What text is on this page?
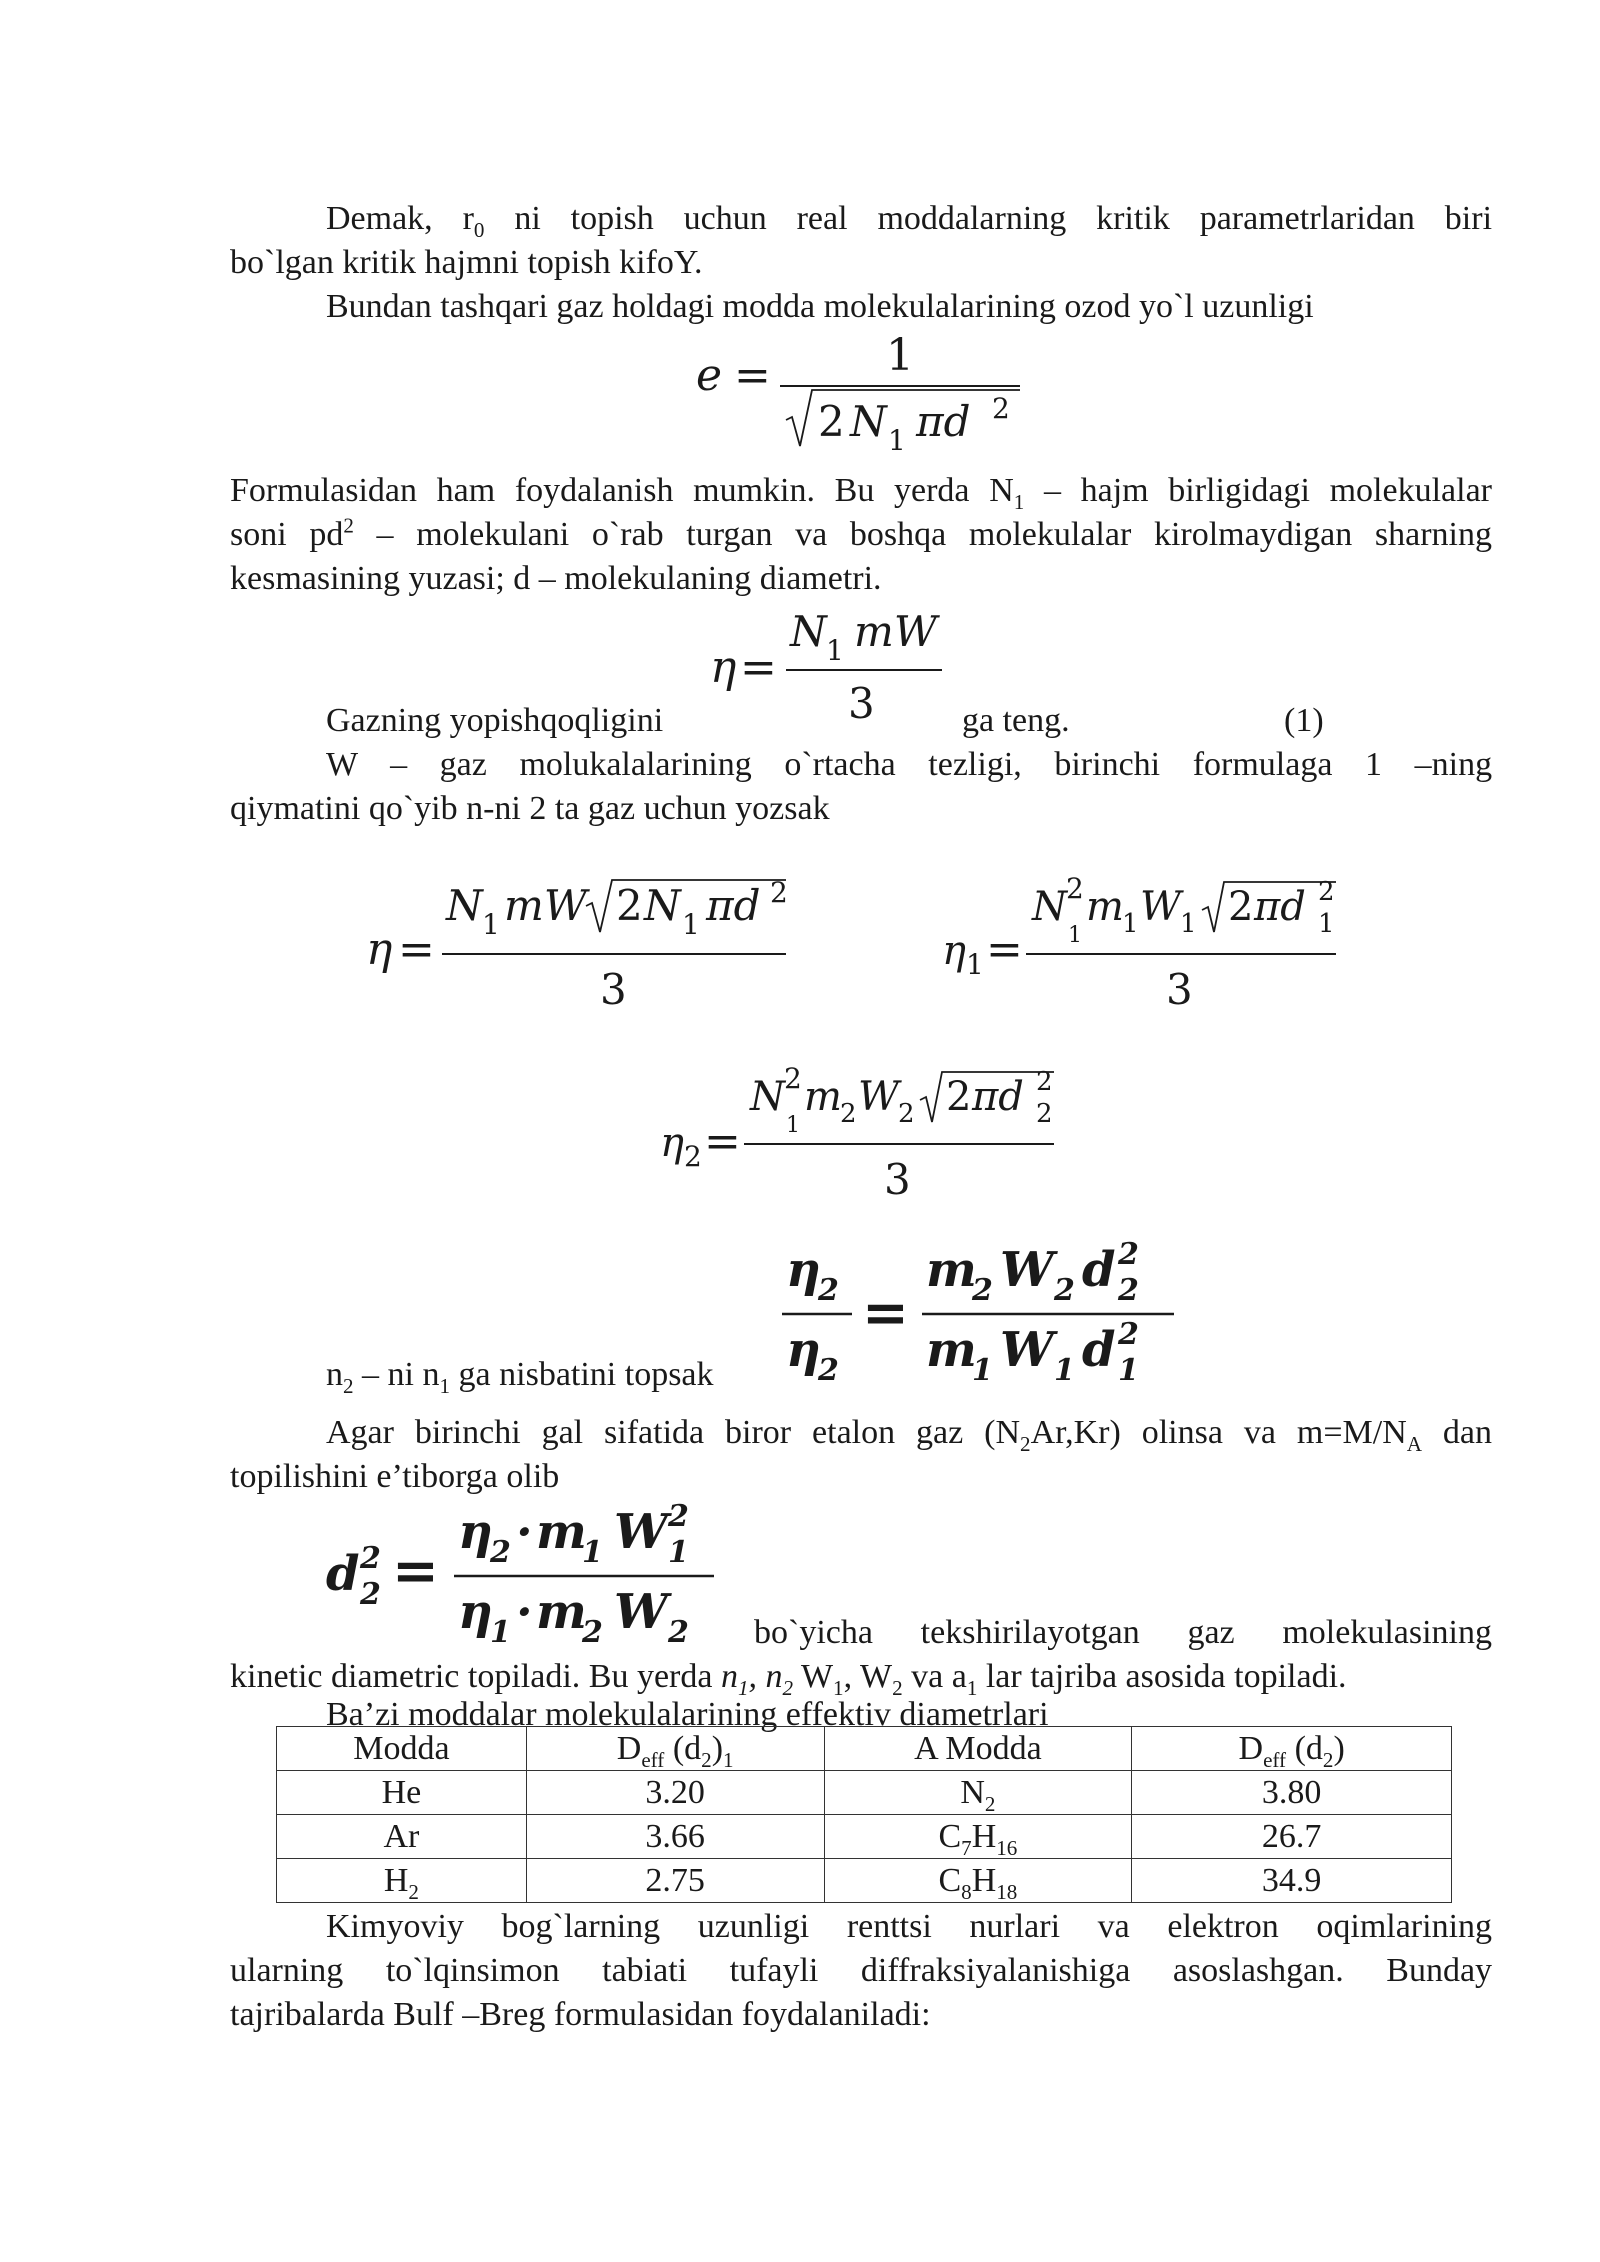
Demak, $r_0$ ni topish uchun real moddalarning kritik parametrlaridan biri
bo`lgan kritik hajmni topish kifoY.
Bundan tashqari gaz holdagi modda molekulalarining ozod yo`l uzunligi
e =	1
2 N 1 πd 2
Formulasidan ham foydalanish mumkin. Bu yerda $N_1$ – hajm birligidagi molekulalar
soni $pd^2$ – molekulani o`rab turgan va boshqa molekulalar kirolmaydigan sharning
kesmasining yuzasi; d – molekulaning diametri.
η =
N 1 mW
3
Gazning yopishqoqligini	ga teng.	(1)
W – gaz molukalalarining o`rtacha tezligi, birinchi formulaga 1 –ning
qiymatini qo`yib n-ni 2 ta gaz uchun yozsak
η =
N 1 mW 2 N 1 πd 2
3
η 1 =
N 2
1
m
1 W
1 2 πd 2
1
3
η 2 =
N 2
1
m
2 W
2 2 πd 2
2
3
η
2
η
2
=
m
2 W 2 d 2
2
m
1 W 1 d 2
1
$n_2$ – ni $n_1$ ga nisbatini topsak
Agar birinchi gal sifatida biror etalon gaz $(N_2Ar,Kr)$ olinsa va $m=M/N_A$ dan
topilishini e’tiborga olib
d 2
2 =
η
2 · m
1 W 2
1
η
1 · m
2 W 2 bo`yicha tekshirilayotgan gaz molekulasining
kinetic diametric topiladi. Bu yerda $n_1$, $n_2$ $W_1$, $W_2$ va $a_1$ lar tajriba asosida topiladi.
Ba’zi moddalar molekulalarining effektiv diametrlari
Modda	$D_{eff}$ $(d_2)_1$	A Modda	$D_{eff}$ $(d_2)$
He	3.20	$N_2$	3.80
Ar	3.66	$C_7H_{16}$	26.7
$H_2$	2.75	$C_8H_{18}$	34.9
Kimyoviy bog`larning uzunligi renttsi nurlari va elektron oqimlarining
ularning to`lqinsimon tabiati tufayli diffraksiyalanishiga asoslashgan. Bunday
tajribalarda Bulf –Breg formulasidan foydalaniladi:
